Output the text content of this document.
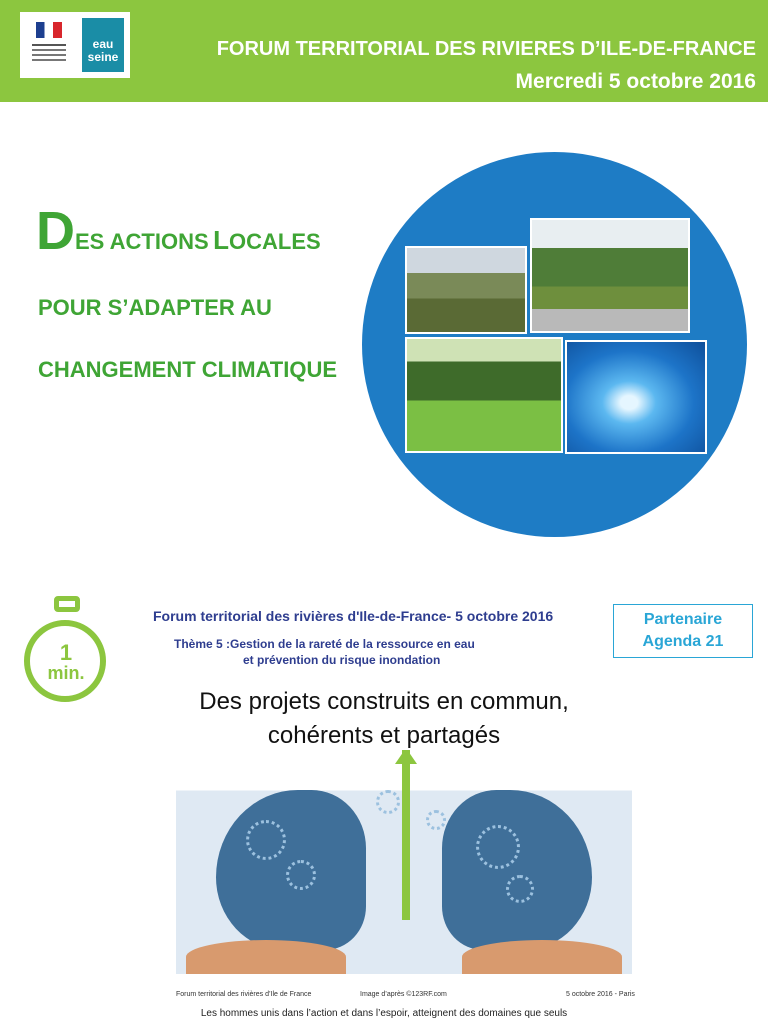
eau
seine	FORUM TERRITORIAL DES RIVIERES D’ILE-DE-FRANCE
Mercredi 5 octobre 2016
DES ACTIONS LOCALES
POUR S’ADAPTER AU
CHANGEMENT CLIMATIQUE
1
min.
Forum territorial des rivières d'Ile-de-France- 5 octobre 2016
Thème 5 :Gestion de la rareté de la ressource en eau
et prévention du risque inondation
Partenaire
Agenda 21
Des projets construits en commun,
cohérents et partagés
Forum territorial des rivières d’Ile de France	Image d’après ©123RF.com	5 octobre 2016 - Paris
Les hommes unis dans l’action et dans l’espoir, atteignent des domaines que seuls
